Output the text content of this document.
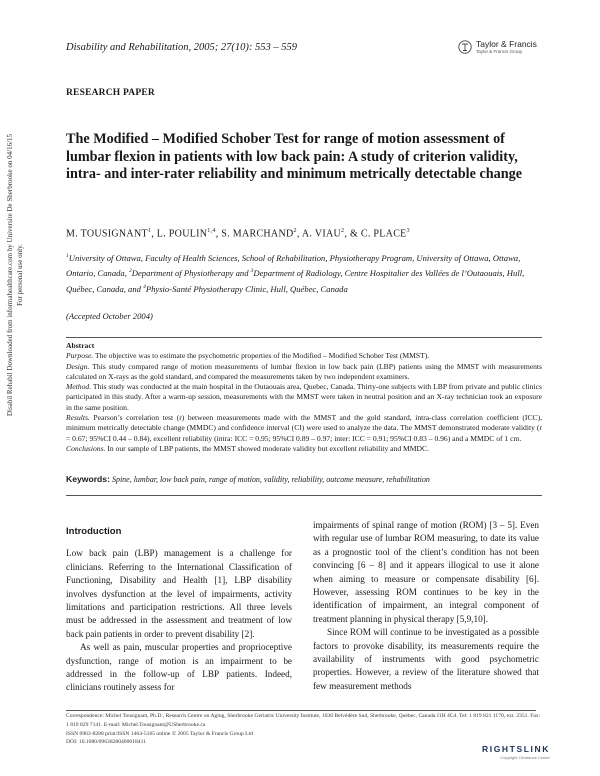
Disability and Rehabilitation, 2005; 27(10): 553 – 559	Taylor & Francis
Taylor & Francis Group
RESEARCH PAPER
The Modified – Modified Schober Test for range of motion assessment of lumbar flexion in patients with low back pain: A study of criterion validity, intra- and inter-rater reliability and minimum metrically detectable change
M. TOUSIGNANT$^1$, L. POULIN$^{1,4}$, S. MARCHAND$^2$, A. VIAU$^2$, & C. PLACE$^3$
$^1$University of Ottawa, Faculty of Health Sciences, School of Rehabilitation, Physiotherapy Program, University of Ottawa, Ottawa, Ontario, Canada, $^2$Department of Physiotherapy and $^3$Department of Radiology, Centre Hospitalier des Vallées de l’Outaouais, Hull, Québec, Canada, and $^4$Physio-Santé Physiotherapy Clinic, Hull, Québec, Canada
(Accepted October 2004)
Abstract

Purpose. The objective was to estimate the psychometric properties of the Modified – Modified Schober Test (MMST).

Design. This study compared range of motion measurements of lumbar flexion in low back pain (LBP) patients using the MMST with measurements calculated on X-rays as the gold standard, and compared the measurements taken by two independent examiners.

Method. This study was conducted at the main hospital in the Outaouais area, Quebec, Canada. Thirty-one subjects with LBP from private and public clinics participated in this study. After a warm-up session, measurements with the MMST were taken in neutral position and an X-ray technician took an exposure in the same position.

Results. Pearson’s correlation test (r) between measurements made with the MMST and the gold standard, intra-class correlation coefficient (ICC), minimum metrically detectable change (MMDC) and confidence interval (CI) were used to analyze the data. The MMST demonstrated moderate validity (r = 0.67; 95%CI 0.44 – 0.84), excellent reliability (intra: ICC = 0.95; 95%CI 0.89 – 0.97; inter: ICC = 0.91; 95%CI 0.83 – 0.96) and a MMDC of 1 cm.

Conclusions. In our sample of LBP patients, the MMST showed moderate validity but excellent reliability and MMDC.

Keywords: Spine, lumbar, low back pain, range of motion, validity, reliability, outcome measure, rehabilitation
Introduction

Low back pain (LBP) management is a challenge for clinicians. Referring to the International Classification of Functioning, Disability and Health [1], LBP disability involves dysfunction at the level of impairments, activity limitations and participation restrictions. All three levels must be addressed in the assessment and treatment of low back pain patients in order to prevent disability [2].

As well as pain, muscular properties and proprioceptive dysfunction, range of motion is an impairment to be addressed in the follow-up of LBP patients. Indeed, clinicians routinely assess for

impairments of spinal range of motion (ROM) [3 – 5]. Even with regular use of lumbar ROM measuring, to date its value as a prognostic tool of the client’s condition has not been convincing [6 – 8] and it appears illogical to use it alone when aiming to measure or compensate disability [6]. However, assessing ROM continues to be key in the identification of impairment, an integral component of treatment planning in physical therapy [5,9,10].

Since ROM will continue to be investigated as a possible factors to provoke disability, its measurements require the availability of instruments with good psychometric properties. However, a review of the literature showed that few measurement methods

Correspondence: Michel Tousignant, Ph.D., Research Centre on Aging, Sherbrooke Geriatric University Institute, 1036 Belvédère Sud, Sherbrooke, Québec, Canada J1H 4C4. Tel: 1 819 821 1170, ext. 2351. Fax: 1 819 829 7141. E-mail: Michel.Tousignant@USherbrooke.ca
ISSN 0963-8288 print/ISSN 1464-5165 online © 2005 Taylor & Francis Group Ltd
DOI: 10.1080/09638280400018411
Disabil Rehabil Downloaded from informahealthcare.com by Universite De Sherbrooke on 04/16/15 For personal use only.
RIGHTSLINK
Copyright Clearance Center
